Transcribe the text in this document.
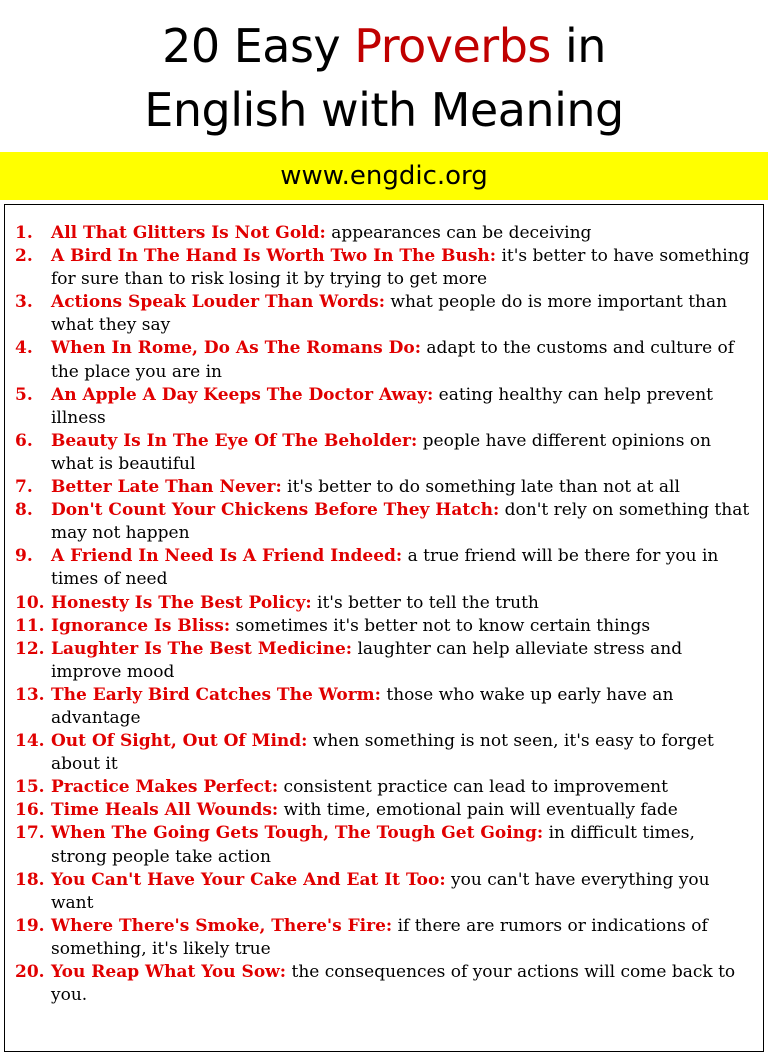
20 Easy Proverbs in
English with Meaning
www.engdic.org
1. All That Glitters Is Not Gold: appearances can be deceiving
2. A Bird In The Hand Is Worth Two In The Bush: it's better to have something for sure than to risk losing it by trying to get more
3. Actions Speak Louder Than Words: what people do is more important than what they say
4. When In Rome, Do As The Romans Do: adapt to the customs and culture of the place you are in
5. An Apple A Day Keeps The Doctor Away: eating healthy can help prevent illness
6. Beauty Is In The Eye Of The Beholder: people have different opinions on what is beautiful
7. Better Late Than Never: it's better to do something late than not at all
8. Don't Count Your Chickens Before They Hatch: don't rely on something that may not happen
9. A Friend In Need Is A Friend Indeed: a true friend will be there for you in times of need
10. Honesty Is The Best Policy: it's better to tell the truth
11. Ignorance Is Bliss: sometimes it's better not to know certain things
12. Laughter Is The Best Medicine: laughter can help alleviate stress and improve mood
13. The Early Bird Catches The Worm: those who wake up early have an advantage
14. Out Of Sight, Out Of Mind: when something is not seen, it's easy to forget about it
15. Practice Makes Perfect: consistent practice can lead to improvement
16. Time Heals All Wounds: with time, emotional pain will eventually fade
17. When The Going Gets Tough, The Tough Get Going: in difficult times, strong people take action
18. You Can't Have Your Cake And Eat It Too: you can't have everything you want
19. Where There's Smoke, There's Fire: if there are rumors or indications of something, it's likely true
20. You Reap What You Sow: the consequences of your actions will come back to you.
